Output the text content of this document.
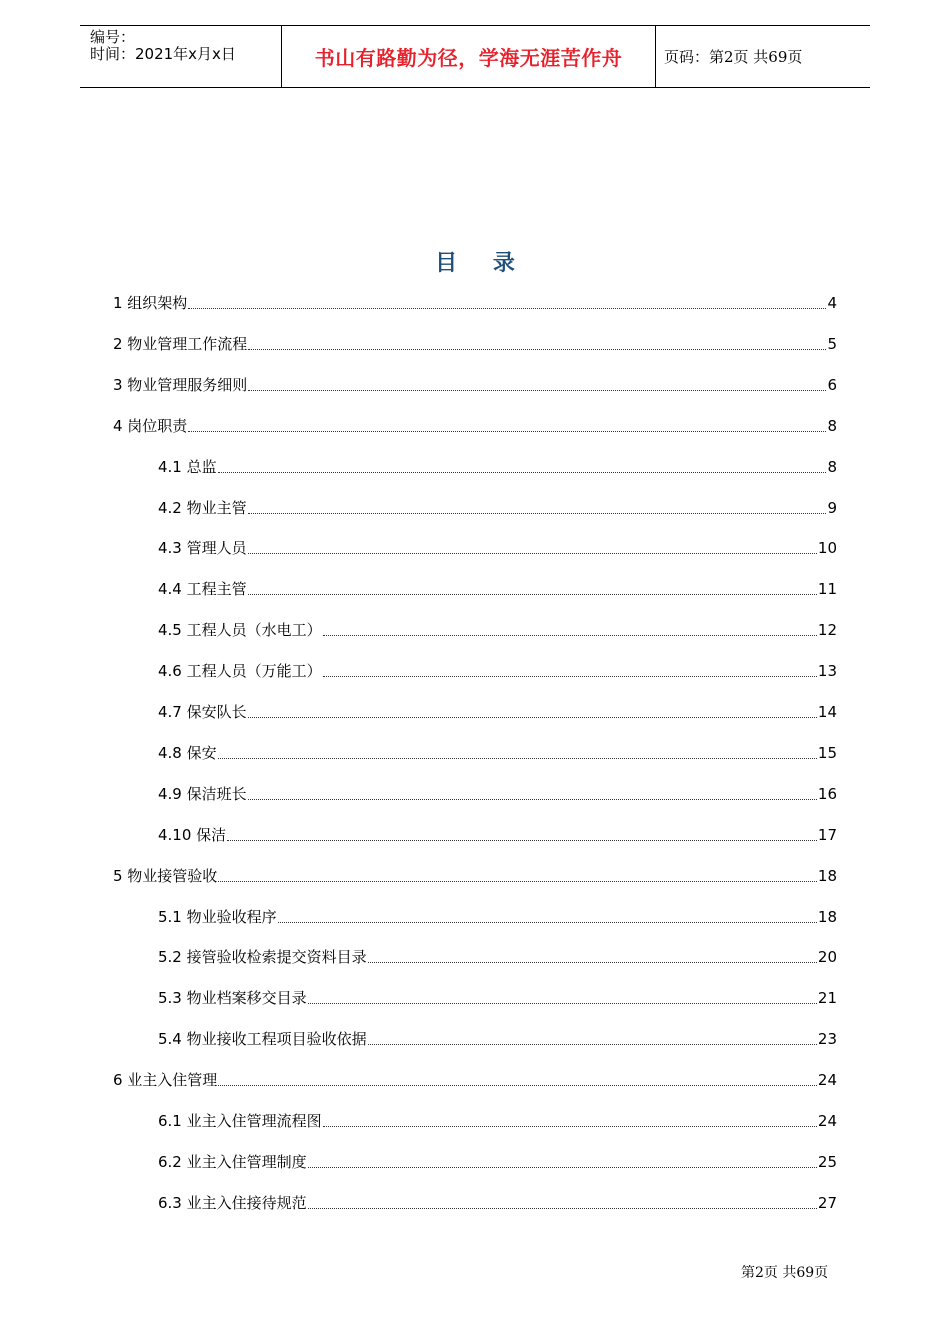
编号：
时间：2021年x月x日	书山有路勤为径，学海无涯苦作舟	页码：第2页 共69页
目 录
1 组织架构	4
2 物业管理工作流程	5
3 物业管理服务细则	6
4 岗位职责	8
4.1 总监	8
4.2 物业主管	9
4.3 管理人员	10
4.4 工程主管	11
4.5 工程人员（水电工）	12
4.6 工程人员（万能工）	13
4.7 保安队长	14
4.8 保安	15
4.9 保洁班长	16
4.10 保洁	17
5 物业接管验收	18
5.1 物业验收程序	18
5.2 接管验收检索提交资料目录	20
5.3 物业档案移交目录	21
5.4 物业接收工程项目验收依据	23
6 业主入住管理	24
6.1 业主入住管理流程图	24
6.2 业主入住管理制度	25
6.3 业主入住接待规范	27
第2页 共69页
